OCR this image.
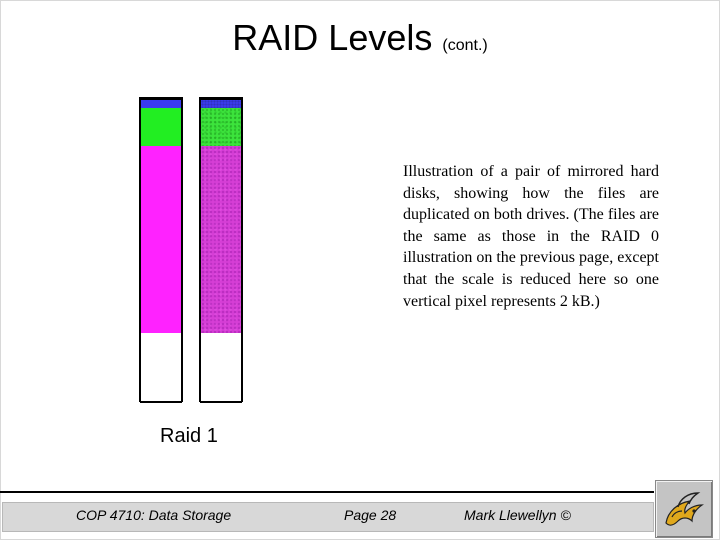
RAID Levels (cont.)
Raid 1
Illustration of a pair of mirrored hard disks, showing how the files are duplicated on both drives. (The files are the same as those in the RAID 0 illustration on the previous page, except that the scale is reduced here so one vertical pixel represents 2 kB.)
COP 4710: Data Storage	Page 28	Mark Llewellyn ©
